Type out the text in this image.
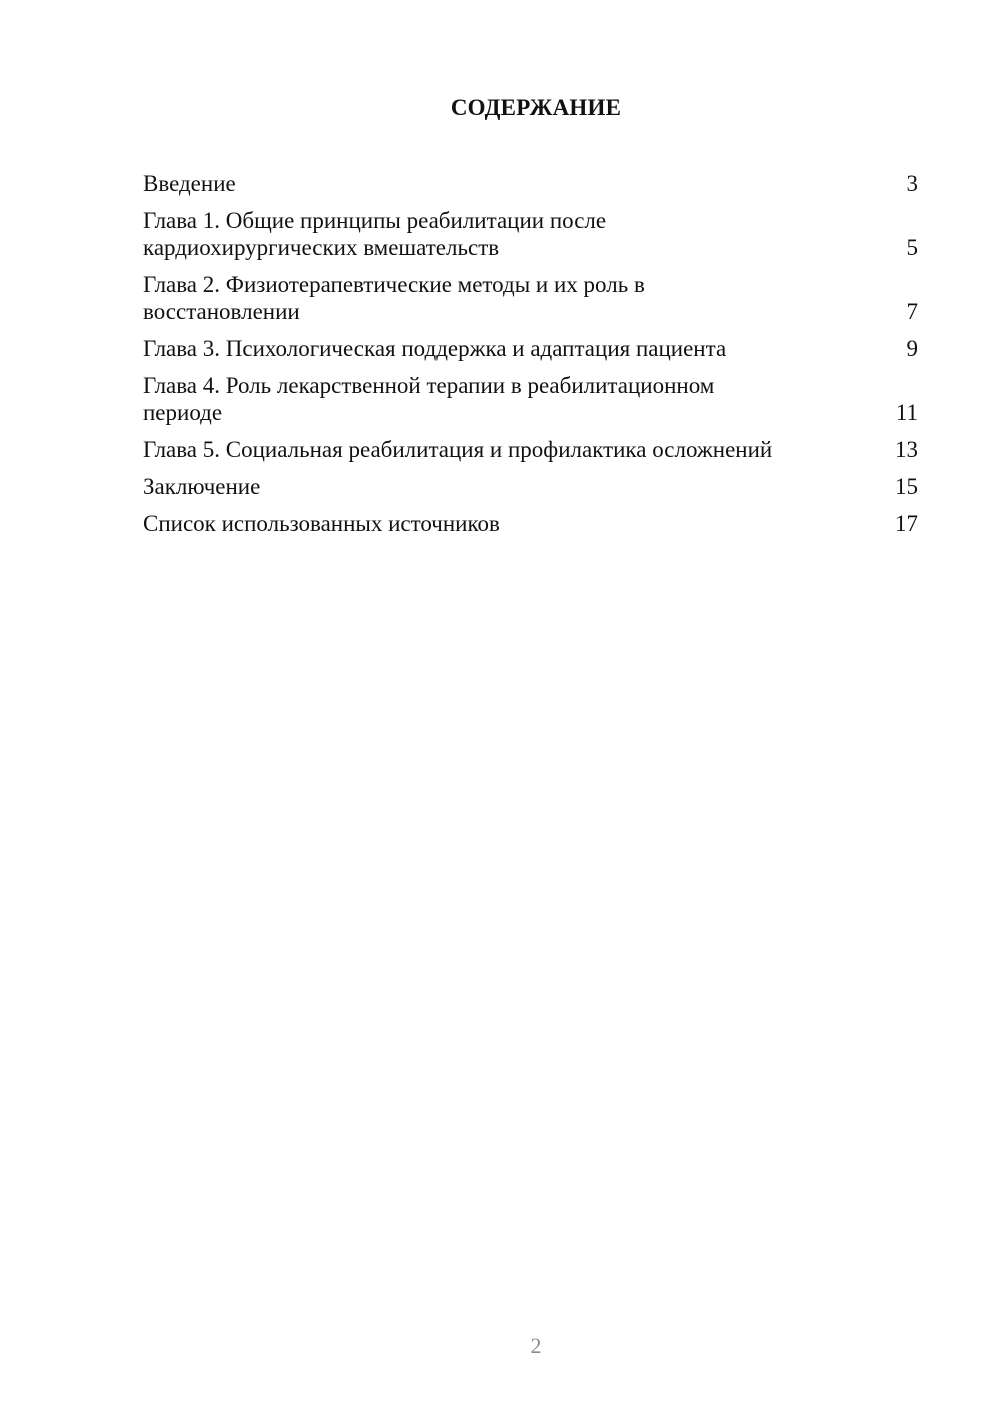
СОДЕРЖАНИЕ
Введение	3
Глава 1. Общие принципы реабилитации после кардиохирургических вмешательств	5
Глава 2. Физиотерапевтические методы и их роль в восстановлении	7
Глава 3. Психологическая поддержка и адаптация пациента	9
Глава 4. Роль лекарственной терапии в реабилитационном периоде	11
Глава 5. Социальная реабилитация и профилактика осложнений	13
Заключение	15
Список использованных источников	17
2
